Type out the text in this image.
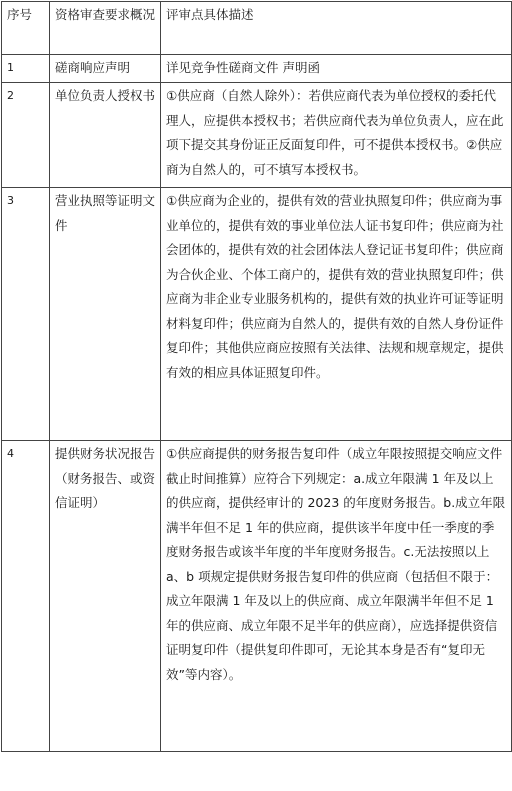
序号	资格审查要求概况	评审点具体描述
1	磋商响应声明	详见竞争性磋商文件 声明函
2	单位负责人授权书	①供应商（自然人除外）：若供应商代表为单位授权的委托代理人，应提供本授权书；若供应商代表为单位负责人，应在此项下提交其身份证正反面复印件，可不提供本授权书。②供应商为自然人的，可不填写本授权书。
3	营业执照等证明文件	①供应商为企业的，提供有效的营业执照复印件；供应商为事业单位的，提供有效的事业单位法人证书复印件；供应商为社会团体的，提供有效的社会团体法人登记证书复印件；供应商为合伙企业、个体工商户的，提供有效的营业执照复印件；供应商为非企业专业服务机构的，提供有效的执业许可证等证明材料复印件；供应商为自然人的，提供有效的自然人身份证件复印件；其他供应商应按照有关法律、法规和规章规定，提供有效的相应具体证照复印件。
4	提供财务状况报告（财务报告、或资信证明）	①供应商提供的财务报告复印件（成立年限按照提交响应文件截止时间推算）应符合下列规定：a.成立年限满 1 年及以上的供应商，提供经审计的 2023 的年度财务报告。b.成立年限满半年但不足 1 年的供应商，提供该半年度中任一季度的季度财务报告或该半年度的半年度财务报告。c.无法按照以上 a、b 项规定提供财务报告复印件的供应商（包括但不限于：成立年限满 1 年及以上的供应商、成立年限满半年但不足 1 年的供应商、成立年限不足半年的供应商），应选择提供资信证明复印件（提供复印件即可，无论其本身是否有“复印无效”等内容）。
